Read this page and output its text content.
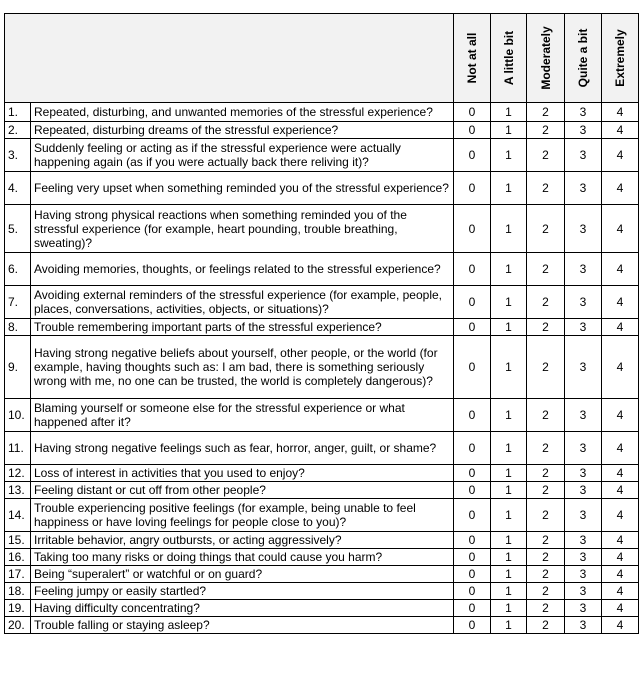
		Not at all	A little bit	Moderately	Quite a bit	Extremely

1.	Repeated, disturbing, and unwanted memories of the stressful experience?	0	1	2	3	4
2.	Repeated, disturbing dreams of the stressful experience?	0	1	2	3	4
3.	Suddenly feeling or acting as if the stressful experience were actually happening again (as if you were actually back there reliving it)?	0	1	2	3	4
4.	Feeling very upset when something reminded you of the stressful experience?	0	1	2	3	4
5.	Having strong physical reactions when something reminded you of the stressful experience (for example, heart pounding, trouble breathing, sweating)?	0	1	2	3	4
6.	Avoiding memories, thoughts, or feelings related to the stressful experience?	0	1	2	3	4
7.	Avoiding external reminders of the stressful experience (for example, people, places, conversations, activities, objects, or situations)?	0	1	2	3	4
8.	Trouble remembering important parts of the stressful experience?	0	1	2	3	4
9.	Having strong negative beliefs about yourself, other people, or the world (for example, having thoughts such as: I am bad, there is something seriously wrong with me, no one can be trusted, the world is completely dangerous)?	0	1	2	3	4
10.	Blaming yourself or someone else for the stressful experience or what happened after it?	0	1	2	3	4
11.	Having strong negative feelings such as fear, horror, anger, guilt, or shame?	0	1	2	3	4
12.	Loss of interest in activities that you used to enjoy?	0	1	2	3	4
13.	Feeling distant or cut off from other people?	0	1	2	3	4
14.	Trouble experiencing positive feelings (for example, being unable to feel happiness or have loving feelings for people close to you)?	0	1	2	3	4
15.	Irritable behavior, angry outbursts, or acting aggressively?	0	1	2	3	4
16.	Taking too many risks or doing things that could cause you harm?	0	1	2	3	4
17.	Being “superalert” or watchful or on guard?	0	1	2	3	4
18.	Feeling jumpy or easily startled?	0	1	2	3	4
19.	Having difficulty concentrating?	0	1	2	3	4
20.	Trouble falling or staying asleep?	0	1	2	3	4
